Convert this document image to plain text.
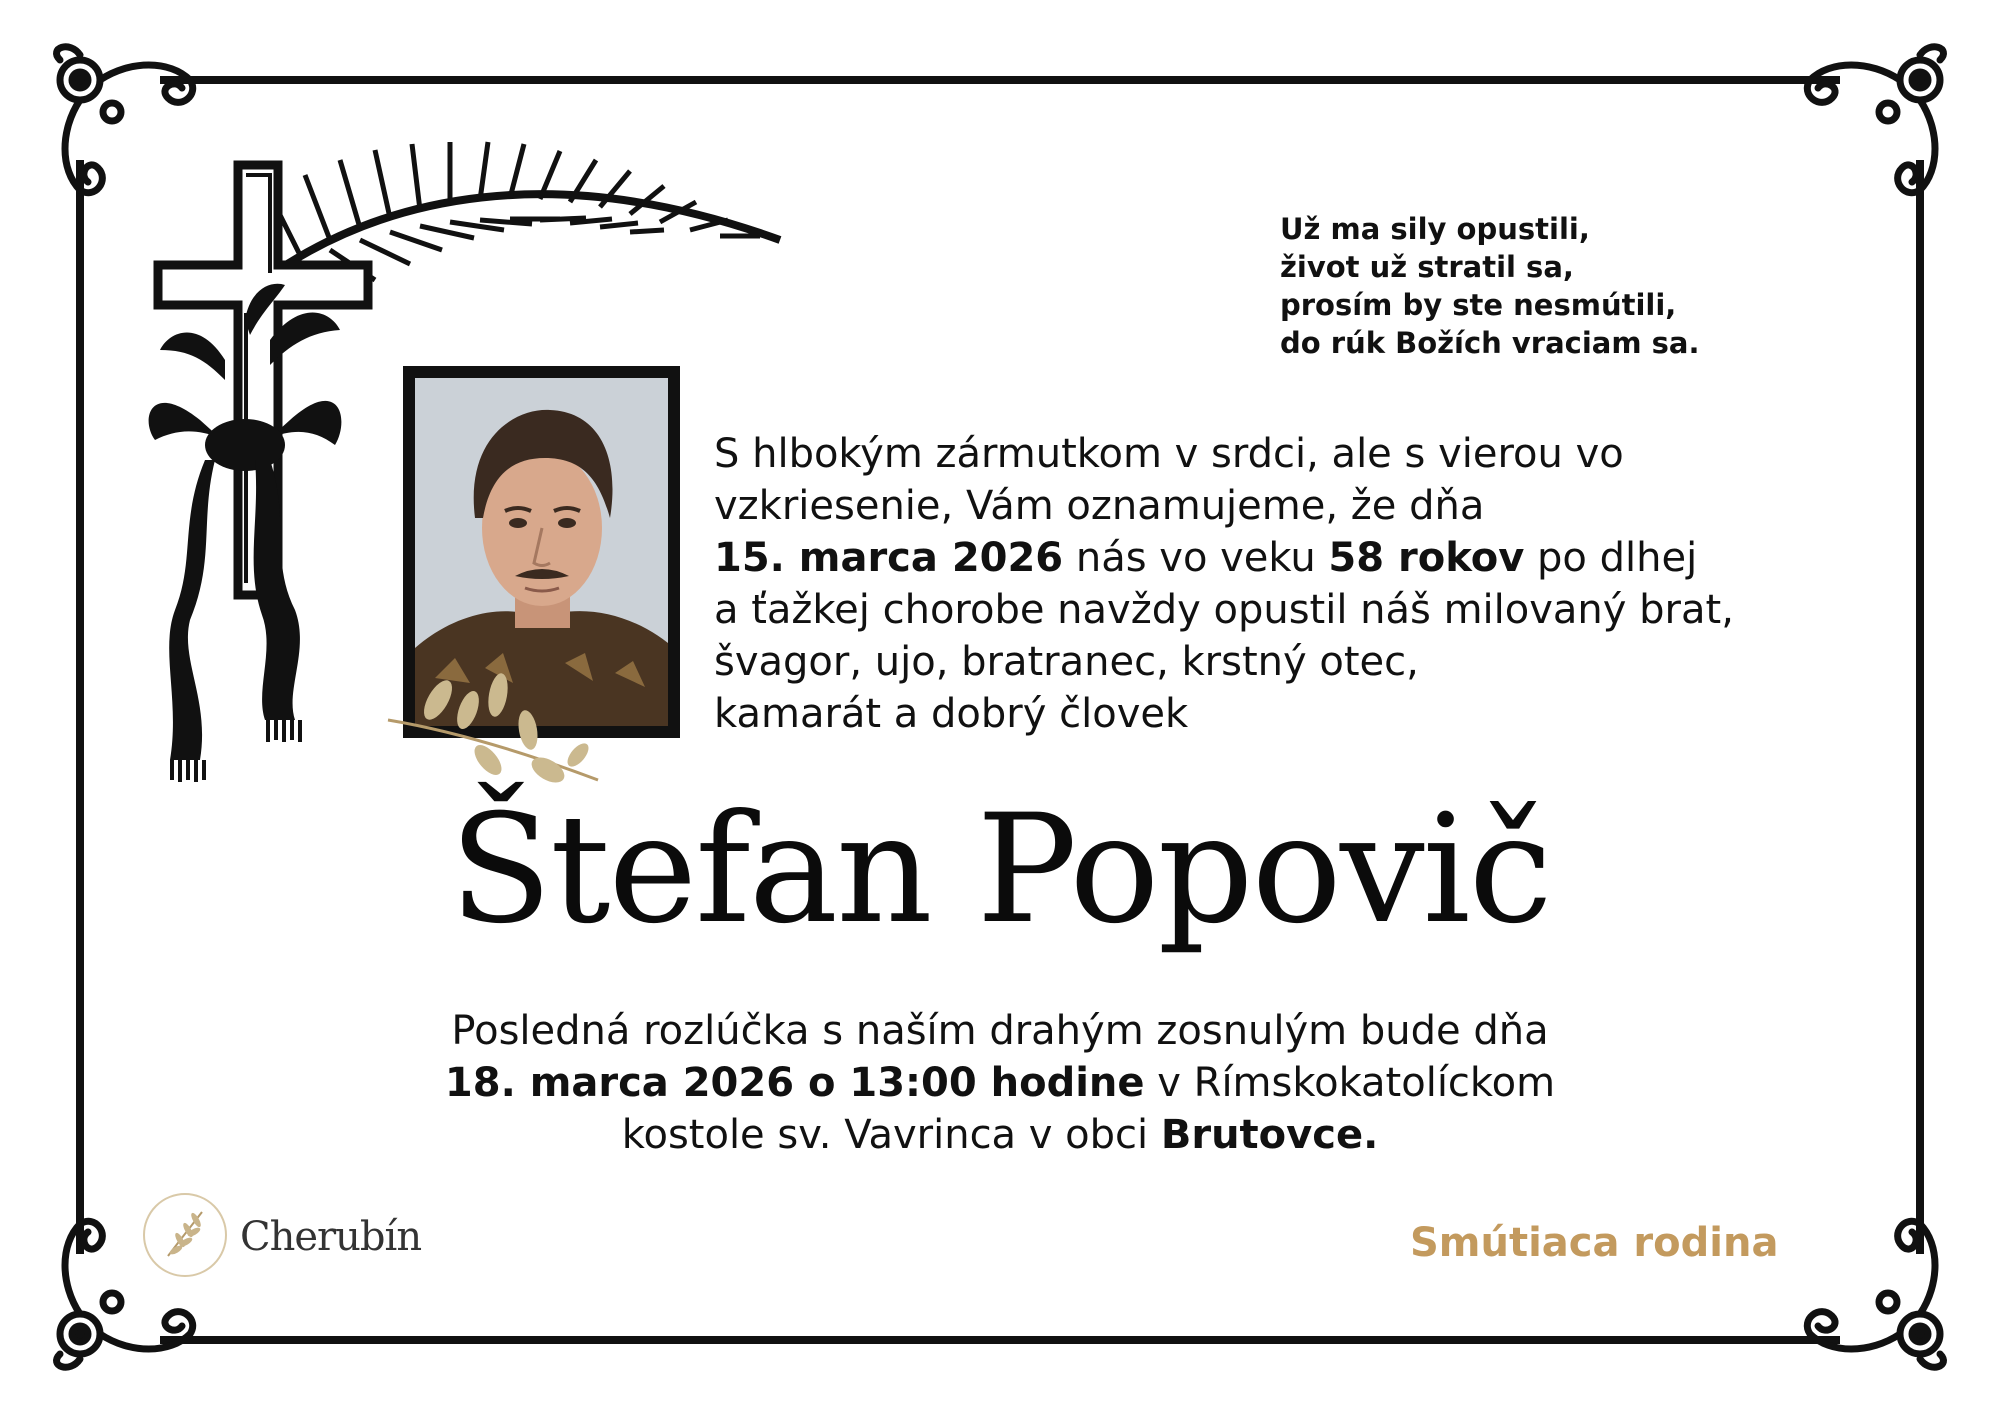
Už ma sily opustili,
život už stratil sa,
prosím by ste nesmútili,
do rúk Božích vraciam sa.
S hlbokým zármutkom v srdci, ale s vierou vo
vzkriesenie, Vám oznamujeme, že dňa
15. marca 2026 nás vo veku 58 rokov po dlhej
a ťažkej chorobe navždy opustil náš milovaný brat,
švagor, ujo, bratranec, krstný otec,
kamarát a dobrý človek
Štefan Popovič
Posledná rozlúčka s naším drahým zosnulým bude dňa
18. marca 2026 o 13:00 hodine v Rímskokatolíckom
kostole sv. Vavrinca v obci Brutovce.
Cherubín	Smútiaca rodina
